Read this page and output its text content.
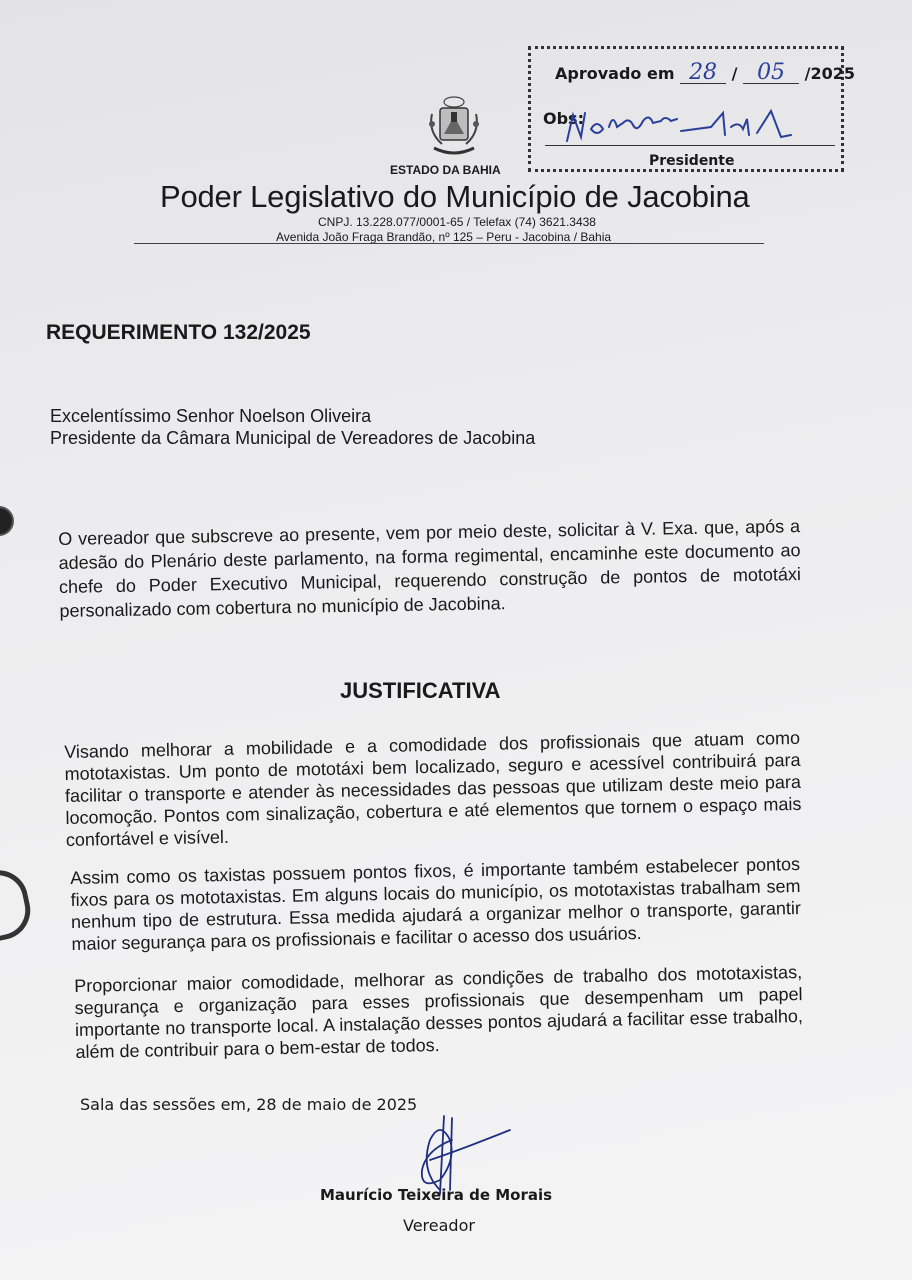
Aprovado em 28 / 05 /2025
Obs:
Presidente
ESTADO DA BAHIA
Poder Legislativo do Município de Jacobina
CNPJ. 13.228.077/0001-65 / Telefax (74) 3621.3438
Avenida João Fraga Brandão, nº 125 – Peru - Jacobina / Bahia
REQUERIMENTO 132/2025
Excelentíssimo Senhor Noelson Oliveira
Presidente da Câmara Municipal de Vereadores de Jacobina
O vereador que subscreve ao presente, vem por meio deste, solicitar à V. Exa. que, após a adesão do Plenário deste parlamento, na forma regimental, encaminhe este documento ao chefe do Poder Executivo Municipal, requerendo construção de pontos de mototáxi personalizado com cobertura no município de Jacobina.
JUSTIFICATIVA
Visando melhorar a mobilidade e a comodidade dos profissionais que atuam como mototaxistas. Um ponto de mototáxi bem localizado, seguro e acessível contribuirá para facilitar o transporte e atender às necessidades das pessoas que utilizam deste meio para locomoção. Pontos com sinalização, cobertura e até elementos que tornem o espaço mais confortável e visível.
Assim como os taxistas possuem pontos fixos, é importante também estabelecer pontos fixos para os mototaxistas. Em alguns locais do município, os mototaxistas trabalham sem nenhum tipo de estrutura. Essa medida ajudará a organizar melhor o transporte, garantir maior segurança para os profissionais e facilitar o acesso dos usuários.
Proporcionar maior comodidade, melhorar as condições de trabalho dos mototaxistas, segurança e organização para esses profissionais que desempenham um papel importante no transporte local. A instalação desses pontos ajudará a facilitar esse trabalho, além de contribuir para o bem-estar de todos.
Sala das sessões em, 28 de maio de 2025
Maurício Teixeira de Morais
Vereador
